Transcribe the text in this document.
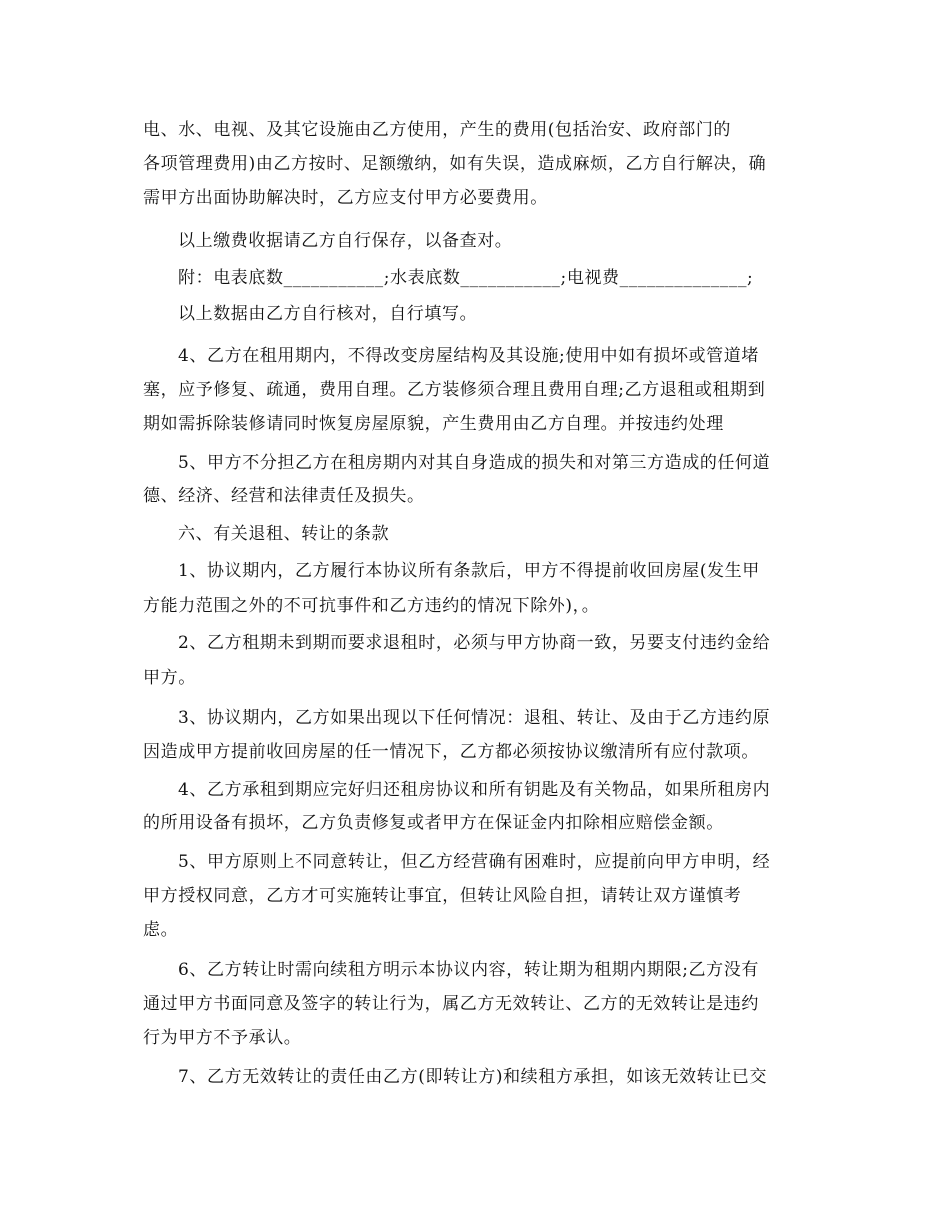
电、水、电视、及其它设施由乙方使用，产生的费用(包括治安、政府部门的
各项管理费用)由乙方按时、足额缴纳，如有失误，造成麻烦，乙方自行解决，确
需甲方出面协助解决时，乙方应支付甲方必要费用。
以上缴费收据请乙方自行保存，以备查对。
附：电表底数___________;水表底数___________;电视费______________;
以上数据由乙方自行核对，自行填写。
4、乙方在租用期内，不得改变房屋结构及其设施;使用中如有损坏或管道堵
塞，应予修复、疏通，费用自理。乙方装修须合理且费用自理;乙方退租或租期到
期如需拆除装修请同时恢复房屋原貌，产生费用由乙方自理。并按违约处理
5、甲方不分担乙方在租房期内对其自身造成的损失和对第三方造成的任何道
德、经济、经营和法律责任及损失。
六、有关退租、转让的条款
1、协议期内，乙方履行本协议所有条款后，甲方不得提前收回房屋(发生甲
方能力范围之外的不可抗事件和乙方违约的情况下除外)，。
2、乙方租期未到期而要求退租时，必须与甲方协商一致，另要支付违约金给
甲方。
3、协议期内，乙方如果出现以下任何情况：退租、转让、及由于乙方违约原
因造成甲方提前收回房屋的任一情况下，乙方都必须按协议缴清所有应付款项。
4、乙方承租到期应完好归还租房协议和所有钥匙及有关物品，如果所租房内
的所用设备有损坏，乙方负责修复或者甲方在保证金内扣除相应赔偿金额。
5、甲方原则上不同意转让，但乙方经营确有困难时，应提前向甲方申明，经
甲方授权同意，乙方才可实施转让事宜，但转让风险自担，请转让双方谨慎考
虑。
6、乙方转让时需向续租方明示本协议内容，转让期为租期内期限;乙方没有
通过甲方书面同意及签字的转让行为，属乙方无效转让、乙方的无效转让是违约
行为甲方不予承认。
7、乙方无效转让的责任由乙方(即转让方)和续租方承担，如该无效转让已交
